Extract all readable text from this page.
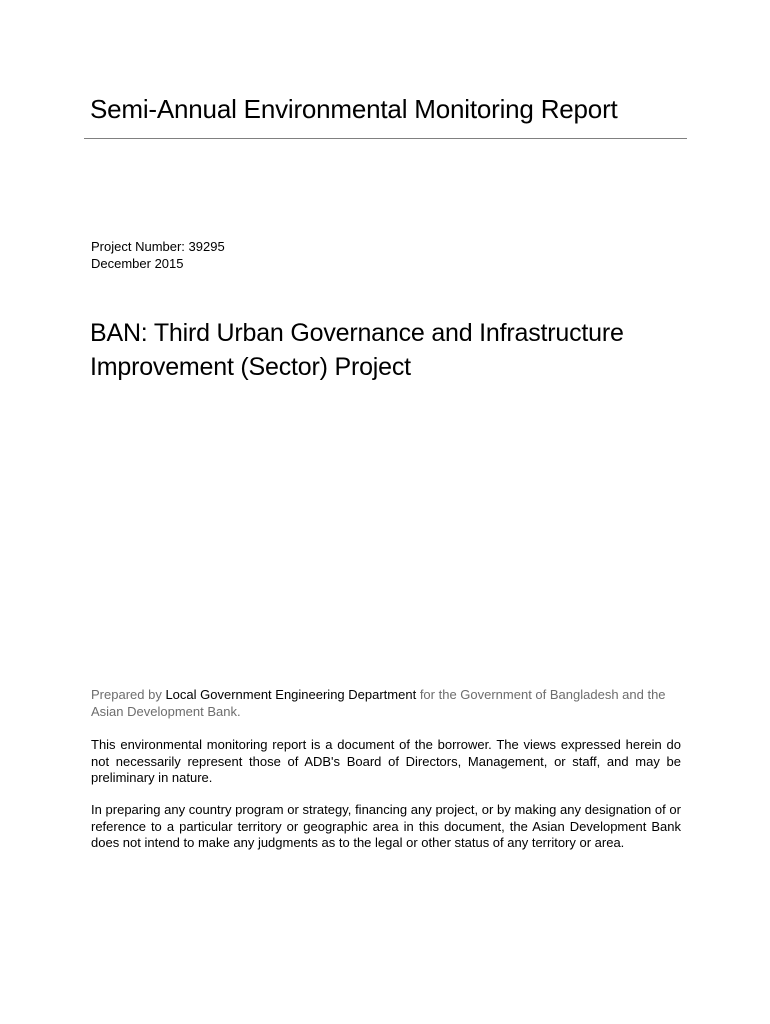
Semi-Annual Environmental Monitoring Report
Project Number: 39295
December 2015
BAN: Third Urban Governance and Infrastructure
Improvement (Sector) Project
Prepared by Local Government Engineering Department for the Government of Bangladesh and the Asian Development Bank.
This environmental monitoring report is a document of the borrower. The views expressed herein do not necessarily represent those of ADB's Board of Directors, Management, or staff, and may be preliminary in nature.
In preparing any country program or strategy, financing any project, or by making any designation of or reference to a particular territory or geographic area in this document, the Asian Development Bank does not intend to make any judgments as to the legal or other status of any territory or area.
